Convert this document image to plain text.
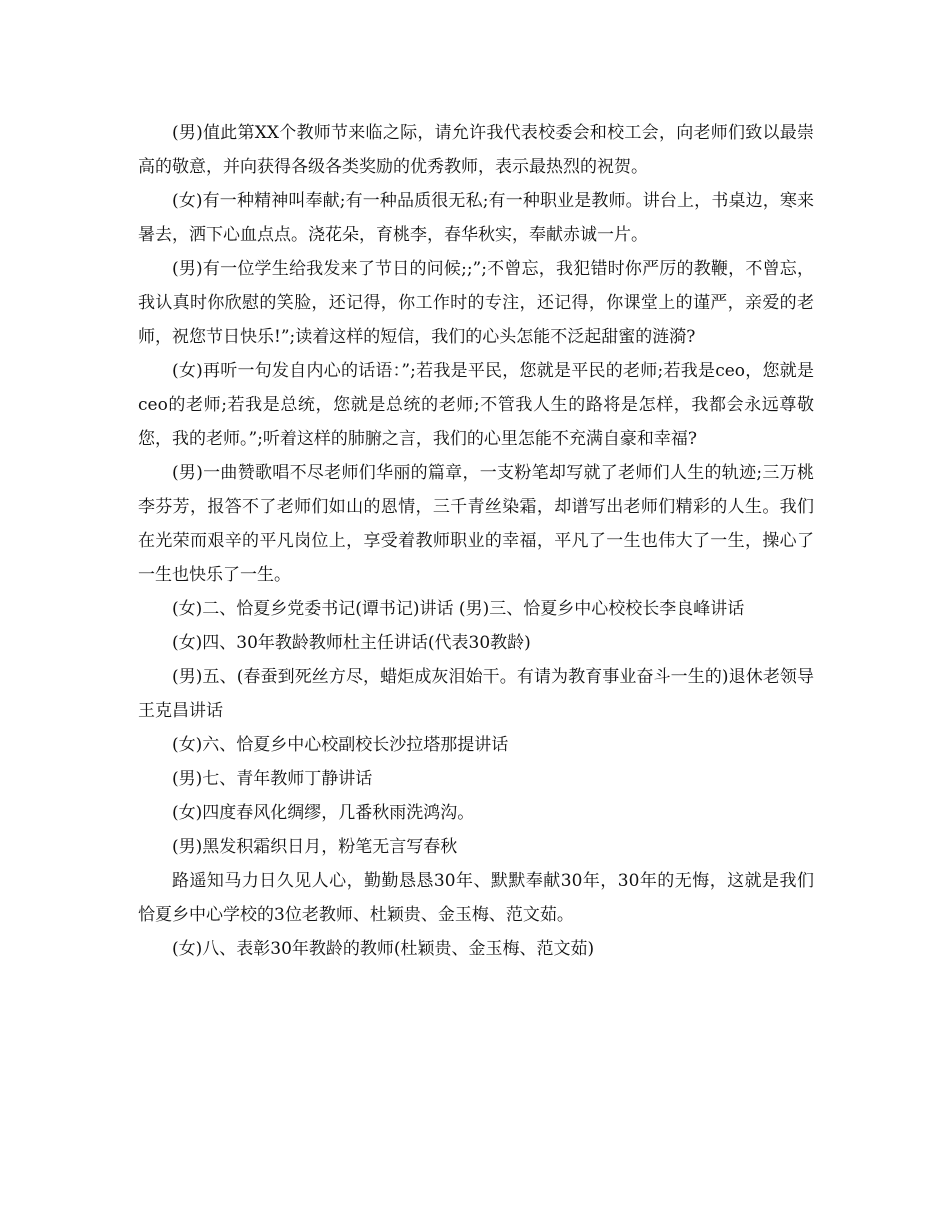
(男)值此第XX个教师节来临之际，请允许我代表校委会和校工会，向老师们致以最崇高的敬意，并向获得各级各类奖励的优秀教师，表示最热烈的祝贺。

(女)有一种精神叫奉献;有一种品质很无私;有一种职业是教师。讲台上，书桌边，寒来暑去，洒下心血点点。浇花朵，育桃李，春华秋实，奉献赤诚一片。

(男)有一位学生给我发来了节日的问候;;”;不曾忘，我犯错时你严厉的教鞭，不曾忘，我认真时你欣慰的笑脸，还记得，你工作时的专注，还记得，你课堂上的谨严，亲爱的老师，祝您节日快乐!”;读着这样的短信，我们的心头怎能不泛起甜蜜的涟漪?

(女)再听一句发自内心的话语：”;若我是平民，您就是平民的老师;若我是ceo，您就是ceo的老师;若我是总统，您就是总统的老师;不管我人生的路将是怎样，我都会永远尊敬您，我的老师。”;听着这样的肺腑之言，我们的心里怎能不充满自豪和幸福?

(男)一曲赞歌唱不尽老师们华丽的篇章，一支粉笔却写就了老师们人生的轨迹;三万桃李芬芳，报答不了老师们如山的恩情，三千青丝染霜，却谱写出老师们精彩的人生。我们在光荣而艰辛的平凡岗位上，享受着教师职业的幸福，平凡了一生也伟大了一生，操心了一生也快乐了一生。

(女)二、恰夏乡党委书记(谭书记)讲话 (男)三、恰夏乡中心校校长李良峰讲话

(女)四、30年教龄教师杜主任讲话(代表30教龄)

(男)五、(春蚕到死丝方尽，蜡炬成灰泪始干。有请为教育事业奋斗一生的)退休老领导王克昌讲话

(女)六、恰夏乡中心校副校长沙拉塔那提讲话

(男)七、青年教师丁静讲话

(女)四度春风化绸缪，几番秋雨洗鸿沟。

(男)黑发积霜织日月，粉笔无言写春秋

路遥知马力日久见人心，勤勤恳恳30年、默默奉献30年，30年的无悔，这就是我们恰夏乡中心学校的3位老教师、杜颖贵、金玉梅、范文茹。

(女)八、表彰30年教龄的教师(杜颖贵、金玉梅、范文茹)
